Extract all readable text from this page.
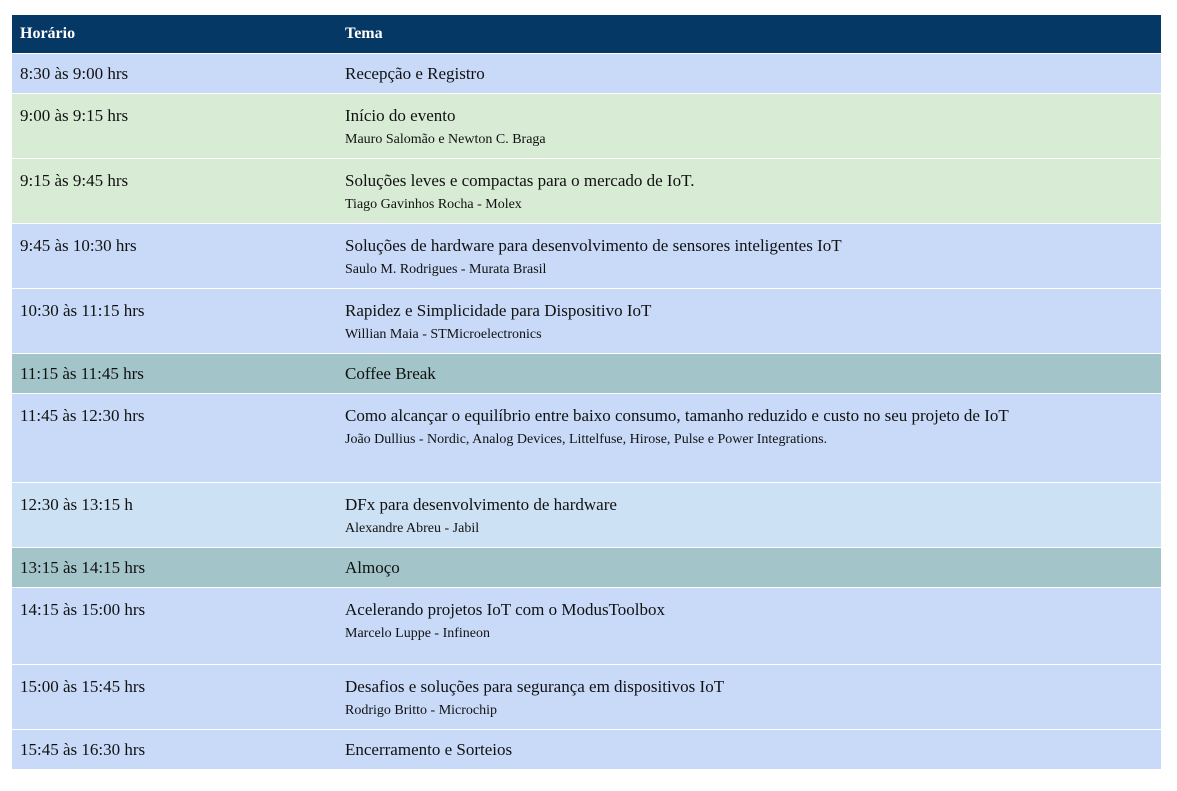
Horário	Tema
8:30 às 9:00 hrs	Recepção e Registro
9:00 às 9:15 hrs	Início do evento
Mauro Salomão e Newton C. Braga
9:15 às 9:45 hrs	Soluções leves e compactas para o mercado de IoT.
Tiago Gavinhos Rocha - Molex
9:45 às 10:30 hrs	Soluções de hardware para desenvolvimento de sensores inteligentes IoT
Saulo M. Rodrigues - Murata Brasil
10:30 às 11:15 hrs	Rapidez e Simplicidade para Dispositivo IoT
Willian Maia - STMicroelectronics
11:15 às 11:45 hrs	Coffee Break
11:45 às 12:30 hrs	Como alcançar o equilíbrio entre baixo consumo, tamanho reduzido e custo no seu projeto de IoT
João Dullius - Nordic, Analog Devices, Littelfuse, Hirose, Pulse e Power Integrations.
12:30 às 13:15 h	DFx para desenvolvimento de hardware
Alexandre Abreu - Jabil
13:15 às 14:15 hrs	Almoço
14:15 às 15:00 hrs	Acelerando projetos IoT com o ModusToolbox
Marcelo Luppe - Infineon
15:00 às 15:45 hrs	Desafios e soluções para segurança em dispositivos IoT
Rodrigo Britto - Microchip
15:45 às 16:30 hrs	Encerramento e Sorteios
